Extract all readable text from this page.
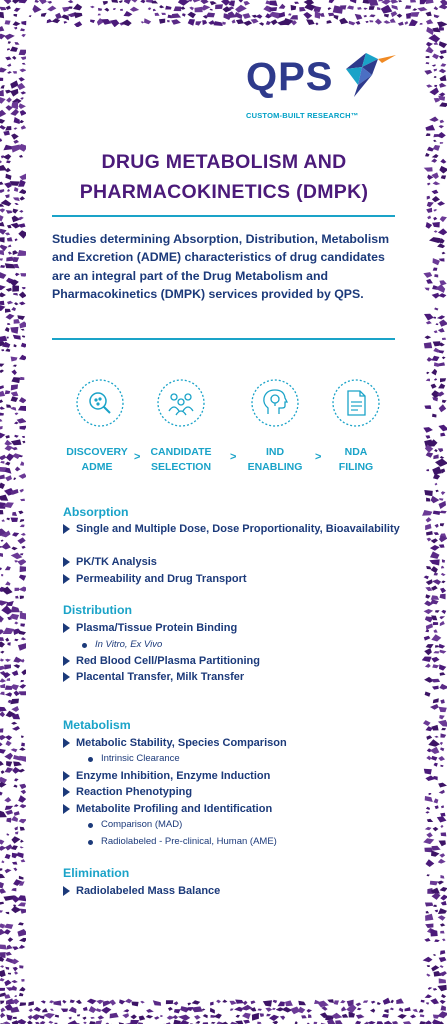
QPS
CUSTOM-BUILT RESEARCH™
DRUG METABOLISM AND
PHARMACOKINETICS (DMPK)
Studies determining Absorption, Distribution, Metabolism and Excretion (ADME) characteristics of drug candidates are an integral part of the Drug Metabolism and Pharmacokinetics (DMPK) services provided by QPS.
DISCOVERY
ADME
> CANDIDATE
SELECTION
>	IND
ENABLING
>	NDA
FILING
Absorption
Single and Multiple Dose, Dose Proportionality, Bioavailability
PK/TK Analysis
Permeability and Drug Transport
Distribution
Plasma/Tissue Protein Binding
In Vitro, Ex Vivo
Red Blood Cell/Plasma Partitioning
Placental Transfer, Milk Transfer
Metabolism
Metabolic Stability, Species Comparison
Intrinsic Clearance
Enzyme Inhibition, Enzyme Induction
Reaction Phenotyping
Metabolite Profiling and Identification
Comparison (MAD)
Radiolabeled - Pre-clinical, Human (AME)
Elimination
Radiolabeled Mass Balance
